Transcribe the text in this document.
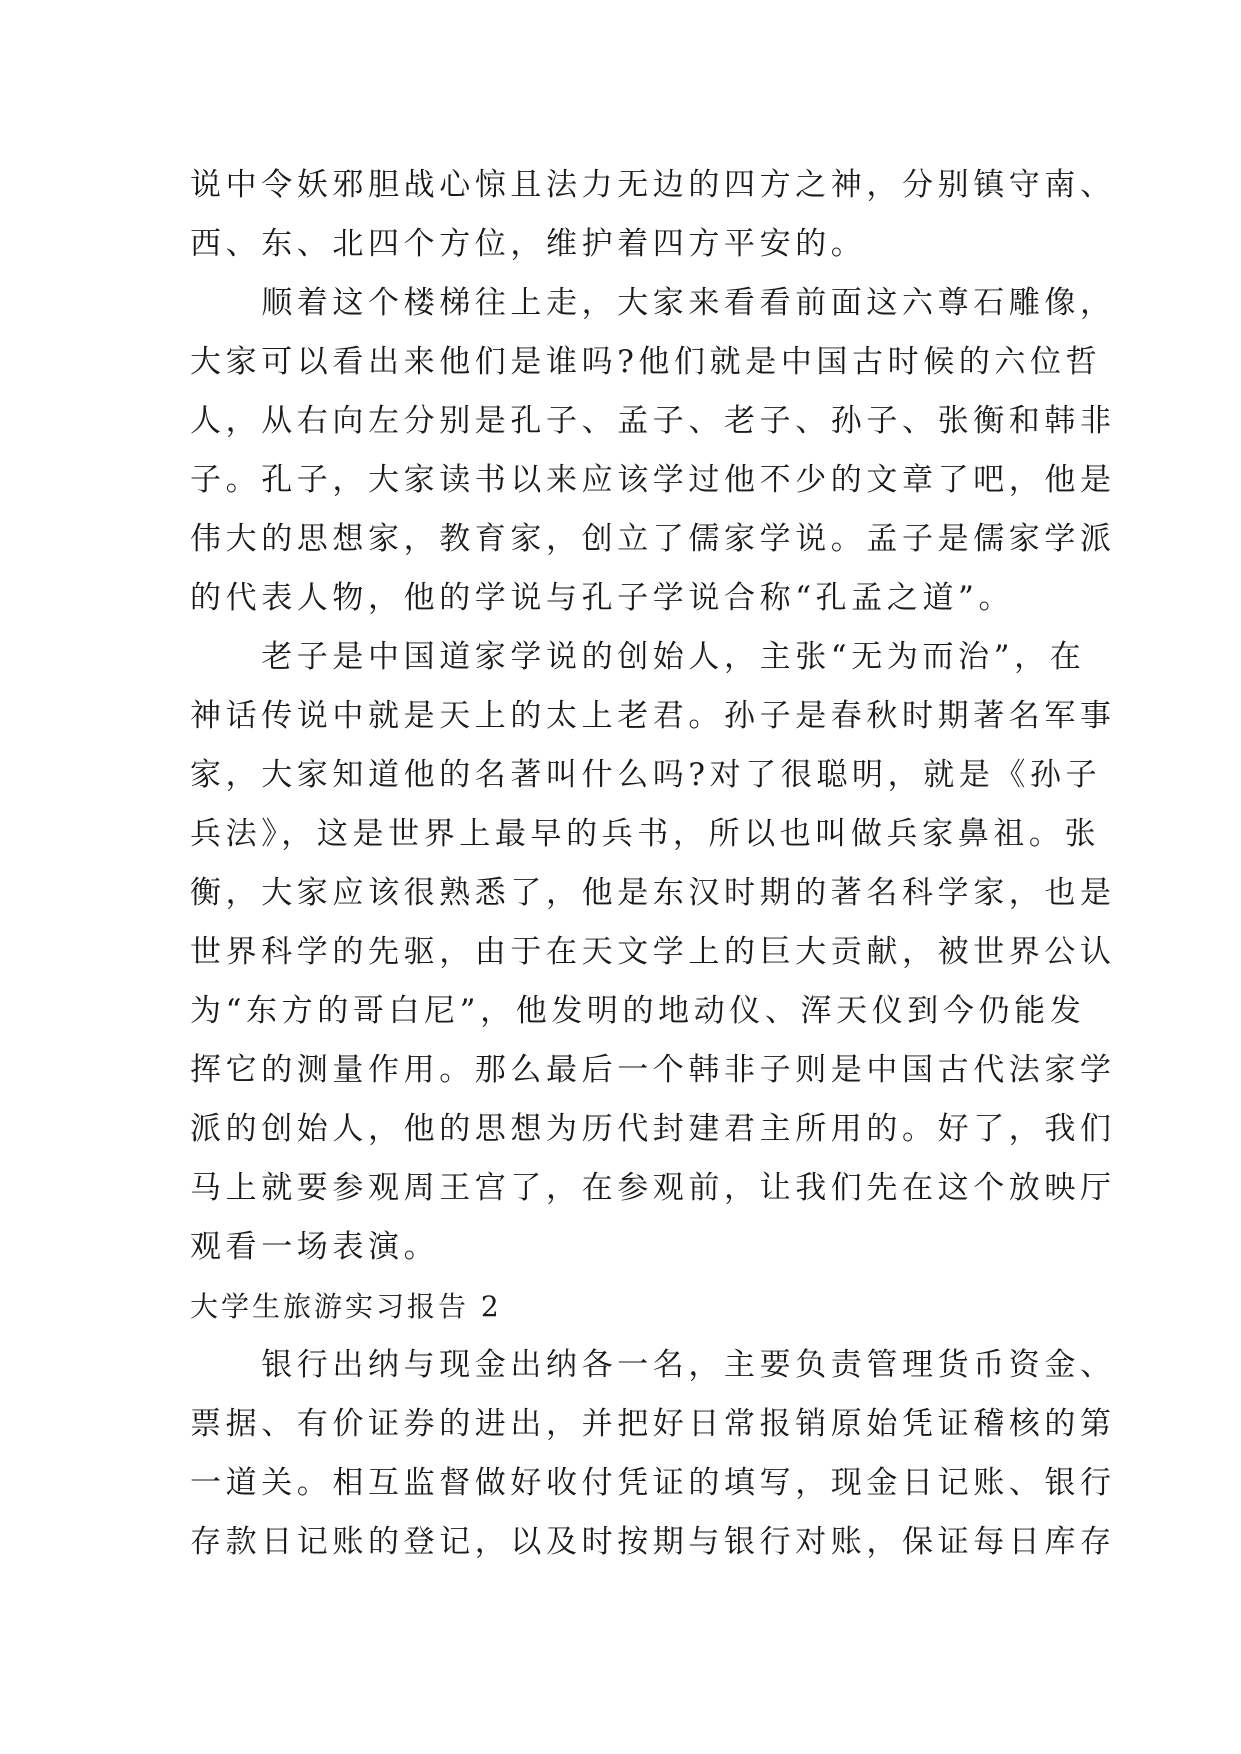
说中令妖邪胆战心惊且法力无边的四方之神，分别镇守南、
西、东、北四个方位，维护着四方平安的。
　　顺着这个楼梯往上走，大家来看看前面这六尊石雕像，
大家可以看出来他们是谁吗?他们就是中国古时候的六位哲
人，从右向左分别是孔子、孟子、老子、孙子、张衡和韩非
子。孔子，大家读书以来应该学过他不少的文章了吧，他是
伟大的思想家，教育家，创立了儒家学说。孟子是儒家学派
的代表人物，他的学说与孔子学说合称“孔孟之道”。
　　老子是中国道家学说的创始人，主张“无为而治”，在
神话传说中就是天上的太上老君。孙子是春秋时期著名军事
家，大家知道他的名著叫什么吗?对了很聪明，就是《孙子
兵法》，这是世界上最早的兵书，所以也叫做兵家鼻祖。张
衡，大家应该很熟悉了，他是东汉时期的著名科学家，也是
世界科学的先驱，由于在天文学上的巨大贡献，被世界公认
为“东方的哥白尼”，他发明的地动仪、浑天仪到今仍能发
挥它的测量作用。那么最后一个韩非子则是中国古代法家学
派的创始人，他的思想为历代封建君主所用的。好了，我们
马上就要参观周王宫了，在参观前，让我们先在这个放映厅
观看一场表演。
大学生旅游实习报告 2
　　银行出纳与现金出纳各一名，主要负责管理货币资金、
票据、有价证券的进出，并把好日常报销原始凭证稽核的第
一道关。相互监督做好收付凭证的填写，现金日记账、银行
存款日记账的登记，以及时按期与银行对账，保证每日库存
